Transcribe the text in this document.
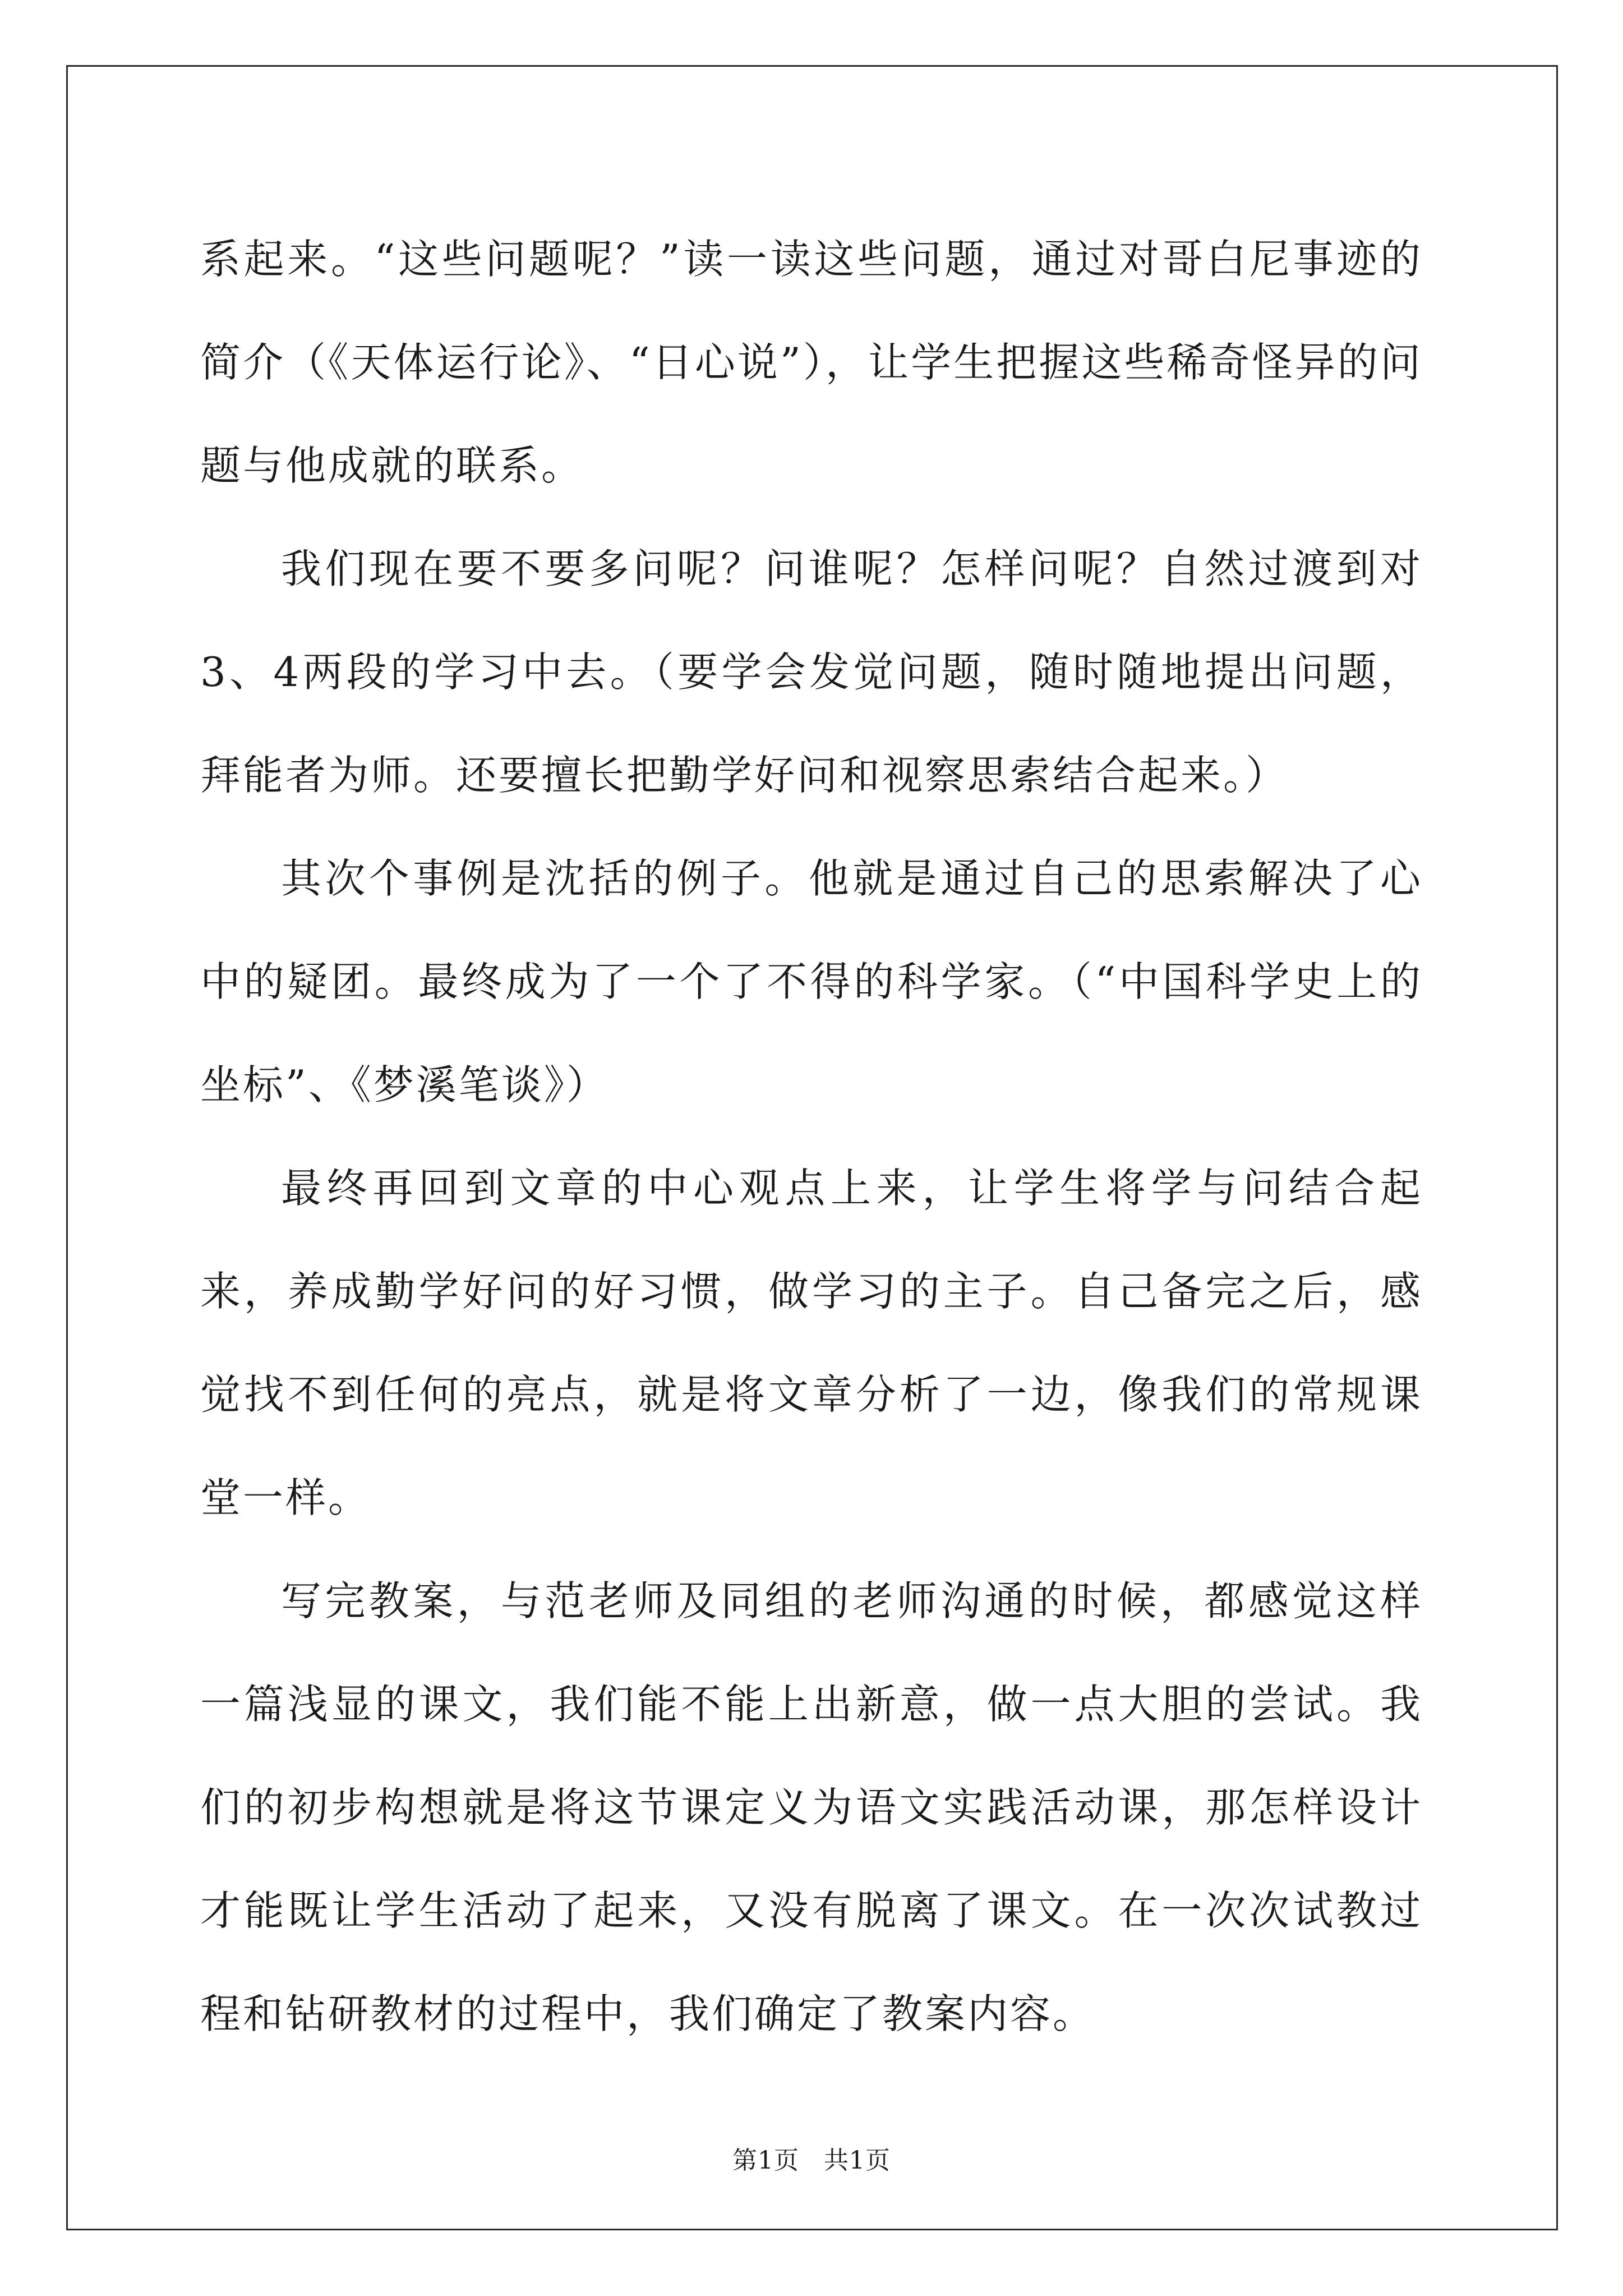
系起来。“这些问题呢？”读一读这些问题，通过对哥白尼事迹的简介（《天体运行论》、“日心说”），让学生把握这些稀奇怪异的问题与他成就的联系。

我们现在要不要多问呢？问谁呢？怎样问呢？自然过渡到对3、4两段的学习中去。（要学会发觉问题，随时随地提出问题，拜能者为师。还要擅长把勤学好问和视察思索结合起来。）

其次个事例是沈括的例子。他就是通过自己的思索解决了心中的疑团。最终成为了一个了不得的科学家。（“中国科学史上的坐标”、《梦溪笔谈》）

最终再回到文章的中心观点上来，让学生将学与问结合起来，养成勤学好问的好习惯，做学习的主子。自己备完之后，感觉找不到任何的亮点，就是将文章分析了一边，像我们的常规课堂一样。

写完教案，与范老师及同组的老师沟通的时候，都感觉这样一篇浅显的课文，我们能不能上出新意，做一点大胆的尝试。我们的初步构想就是将这节课定义为语文实践活动课，那怎样设计才能既让学生活动了起来，又没有脱离了课文。在一次次试教过程和钻研教材的过程中，我们确定了教案内容。

第1页 共1页
